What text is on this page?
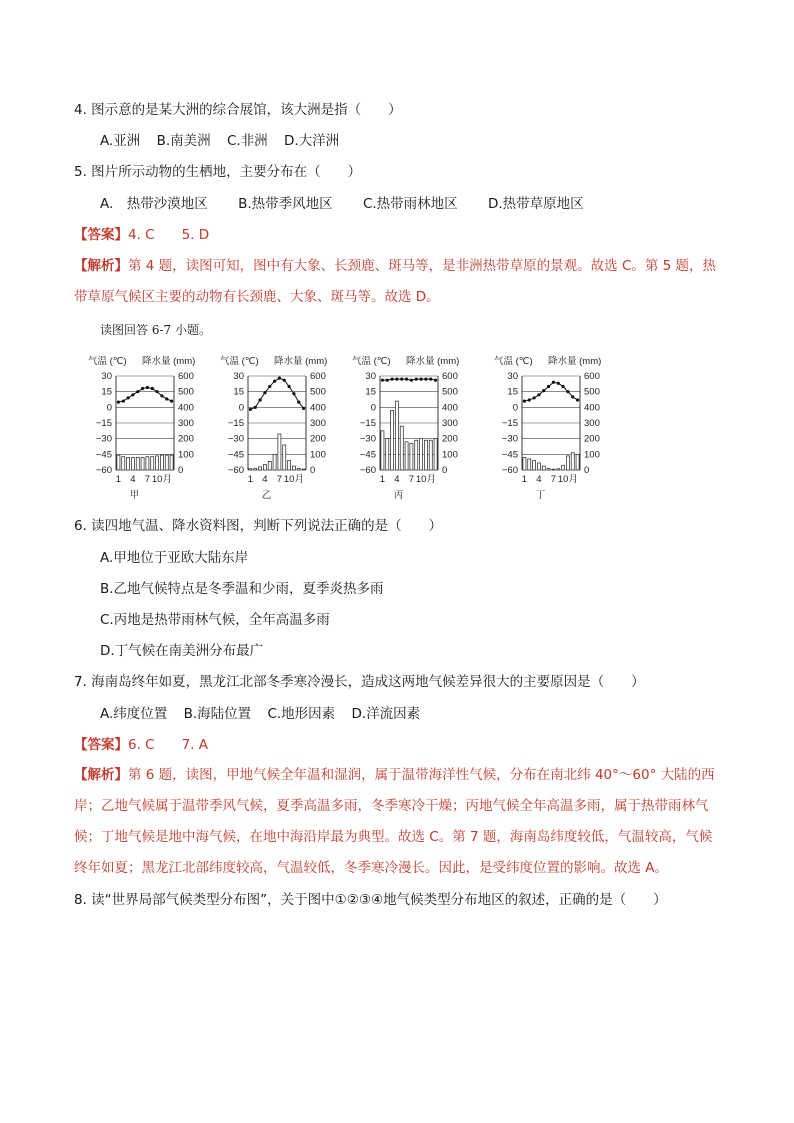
4. 图示意的是某大洲的综合展馆，该大洲是指（　　）
A.亚洲 B.南美洲 C.非洲 D.大洋洲
5. 图片所示动物的生栖地，主要分布在（　　）
A.　热带沙漠地区 B.热带季风地区 C.热带雨林地区 D.热带草原地区
【答案】4. C　　5. D
【解析】第 4 题，读图可知，图中有大象、长颈鹿、斑马等，是非洲热带草原的景观。故选 C。第 5 题，热带草原气候区主要的动物有长颈鹿、大象、斑马等。故选 D。
读图回答 6-7 小题。
气温 (℃) 降水量 (mm)
30	600
15	500
0	400
−15	300
−30	200
−45	100
−60	0
1 4 7 10月
甲
气温 (℃) 降水量 (mm)
30	600
15	500
0	400
−15	300
−30	200
−45	100
−60	0
1 4 7 10月
乙
气温 (℃) 降水量 (mm)
30	600
15	500
0	400
−15	300
−30	200
−45	100
−60	0
1 4 7 10月
丙
气温 (℃) 降水量 (mm)
30	600
15	500
0	400
−15	300
−30	200
−45	100
−60	0
1 4 7 10月
丁
6. 读四地气温、降水资料图，判断下列说法正确的是（　　）
A.甲地位于亚欧大陆东岸
B.乙地气候特点是冬季温和少雨，夏季炎热多雨
C.丙地是热带雨林气候，全年高温多雨
D.丁气候在南美洲分布最广
7. 海南岛终年如夏，黑龙江北部冬季寒冷漫长，造成这两地气候差异很大的主要原因是（　　）
A.纬度位置 B.海陆位置 C.地形因素 D.洋流因素
【答案】6. C　　7. A
【解析】第 6 题，读图，甲地气候全年温和湿润，属于温带海洋性气候，分布在南北纬 40°～60° 大陆的西岸；乙地气候属于温带季风气候，夏季高温多雨，冬季寒冷干燥；丙地气候全年高温多雨，属于热带雨林气候；丁地气候是地中海气候，在地中海沿岸最为典型。故选 C。第 7 题，海南岛纬度较低，气温较高，气候终年如夏；黑龙江北部纬度较高，气温较低，冬季寒冷漫长。因此，是受纬度位置的影响。故选 A。
8. 读“世界局部气候类型分布图”，关于图中①②③④地气候类型分布地区的叙述，正确的是（　　）
